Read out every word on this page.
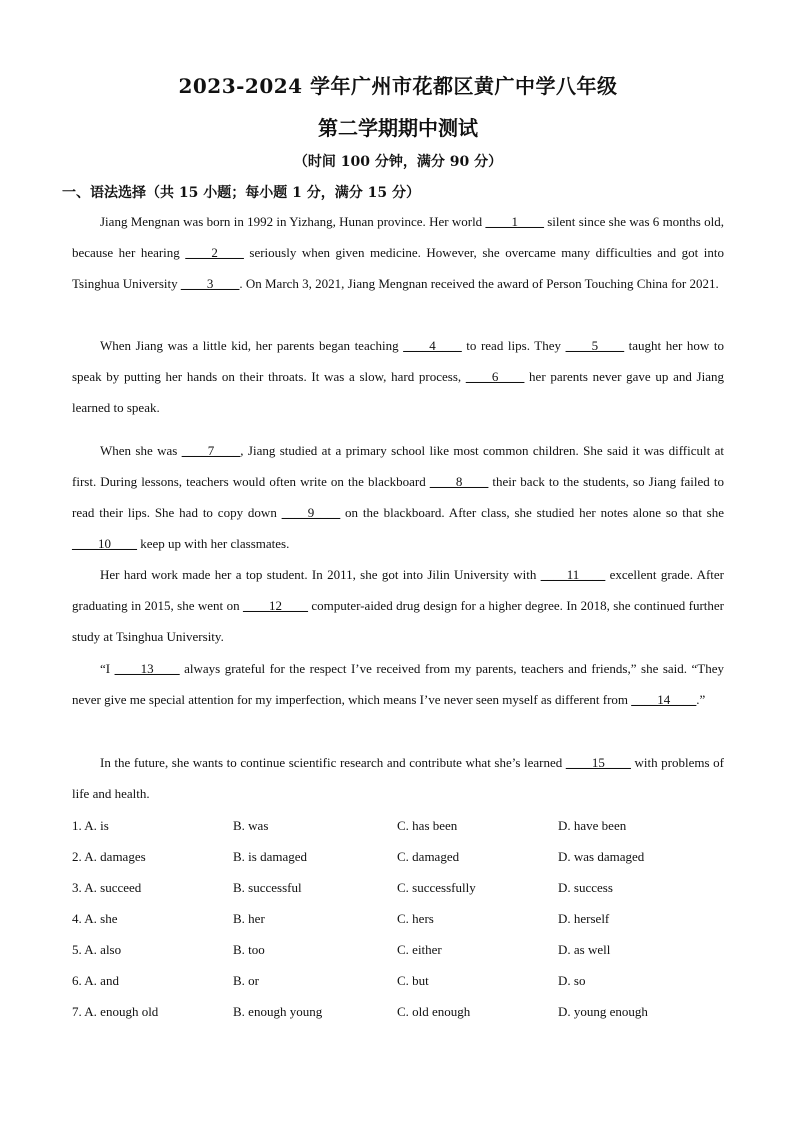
2023-2024 学年广州市花都区黄广中学八年级
第二学期期中测试
（时间 100 分钟，满分 90 分）
一、语法选择（共 15 小题；每小题 1 分，满分 15 分）
Jiang Mengnan was born in 1992 in Yizhang, Hunan province. Her world ____1____ silent since she was 6 months old, because her hearing ____2____ seriously when given medicine. However, she overcame many difficulties and got into Tsinghua University ____3____. On March 3, 2021, Jiang Mengnan received the award of Person Touching China for 2021.
When Jiang was a little kid, her parents began teaching ____4____ to read lips. They ____5____ taught her how to speak by putting her hands on their throats. It was a slow, hard process, ____6____ her parents never gave up and Jiang learned to speak.
When she was ____7____, Jiang studied at a primary school like most common children. She said it was difficult at first. During lessons, teachers would often write on the blackboard ____8____ their back to the students, so Jiang failed to read their lips. She had to copy down ____9____ on the blackboard. After class, she studied her notes alone so that she ____10____ keep up with her classmates.
Her hard work made her a top student. In 2011, she got into Jilin University with ____11____ excellent grade. After graduating in 2015, she went on ____12____ computer-aided drug design for a higher degree. In 2018, she continued further study at Tsinghua University.
“I ____13____ always grateful for the respect I’ve received from my parents, teachers and friends,” she said. “They never give me special attention for my imperfection, which means I’ve never seen myself as different from ____14____.”
In the future, she wants to continue scientific research and contribute what she’s learned ____15____ with problems of life and health.
1. A. is	B. was	C. has been	D. have been
2. A. damages	B. is damaged	C. damaged	D. was damaged
3. A. succeed	B. successful	C. successfully	D. success
4. A. she	B. her	C. hers	D. herself
5. A. also	B. too	C. either	D. as well
6. A. and	B. or	C. but	D. so
7. A. enough old	B. enough young	C. old enough	D. young enough
